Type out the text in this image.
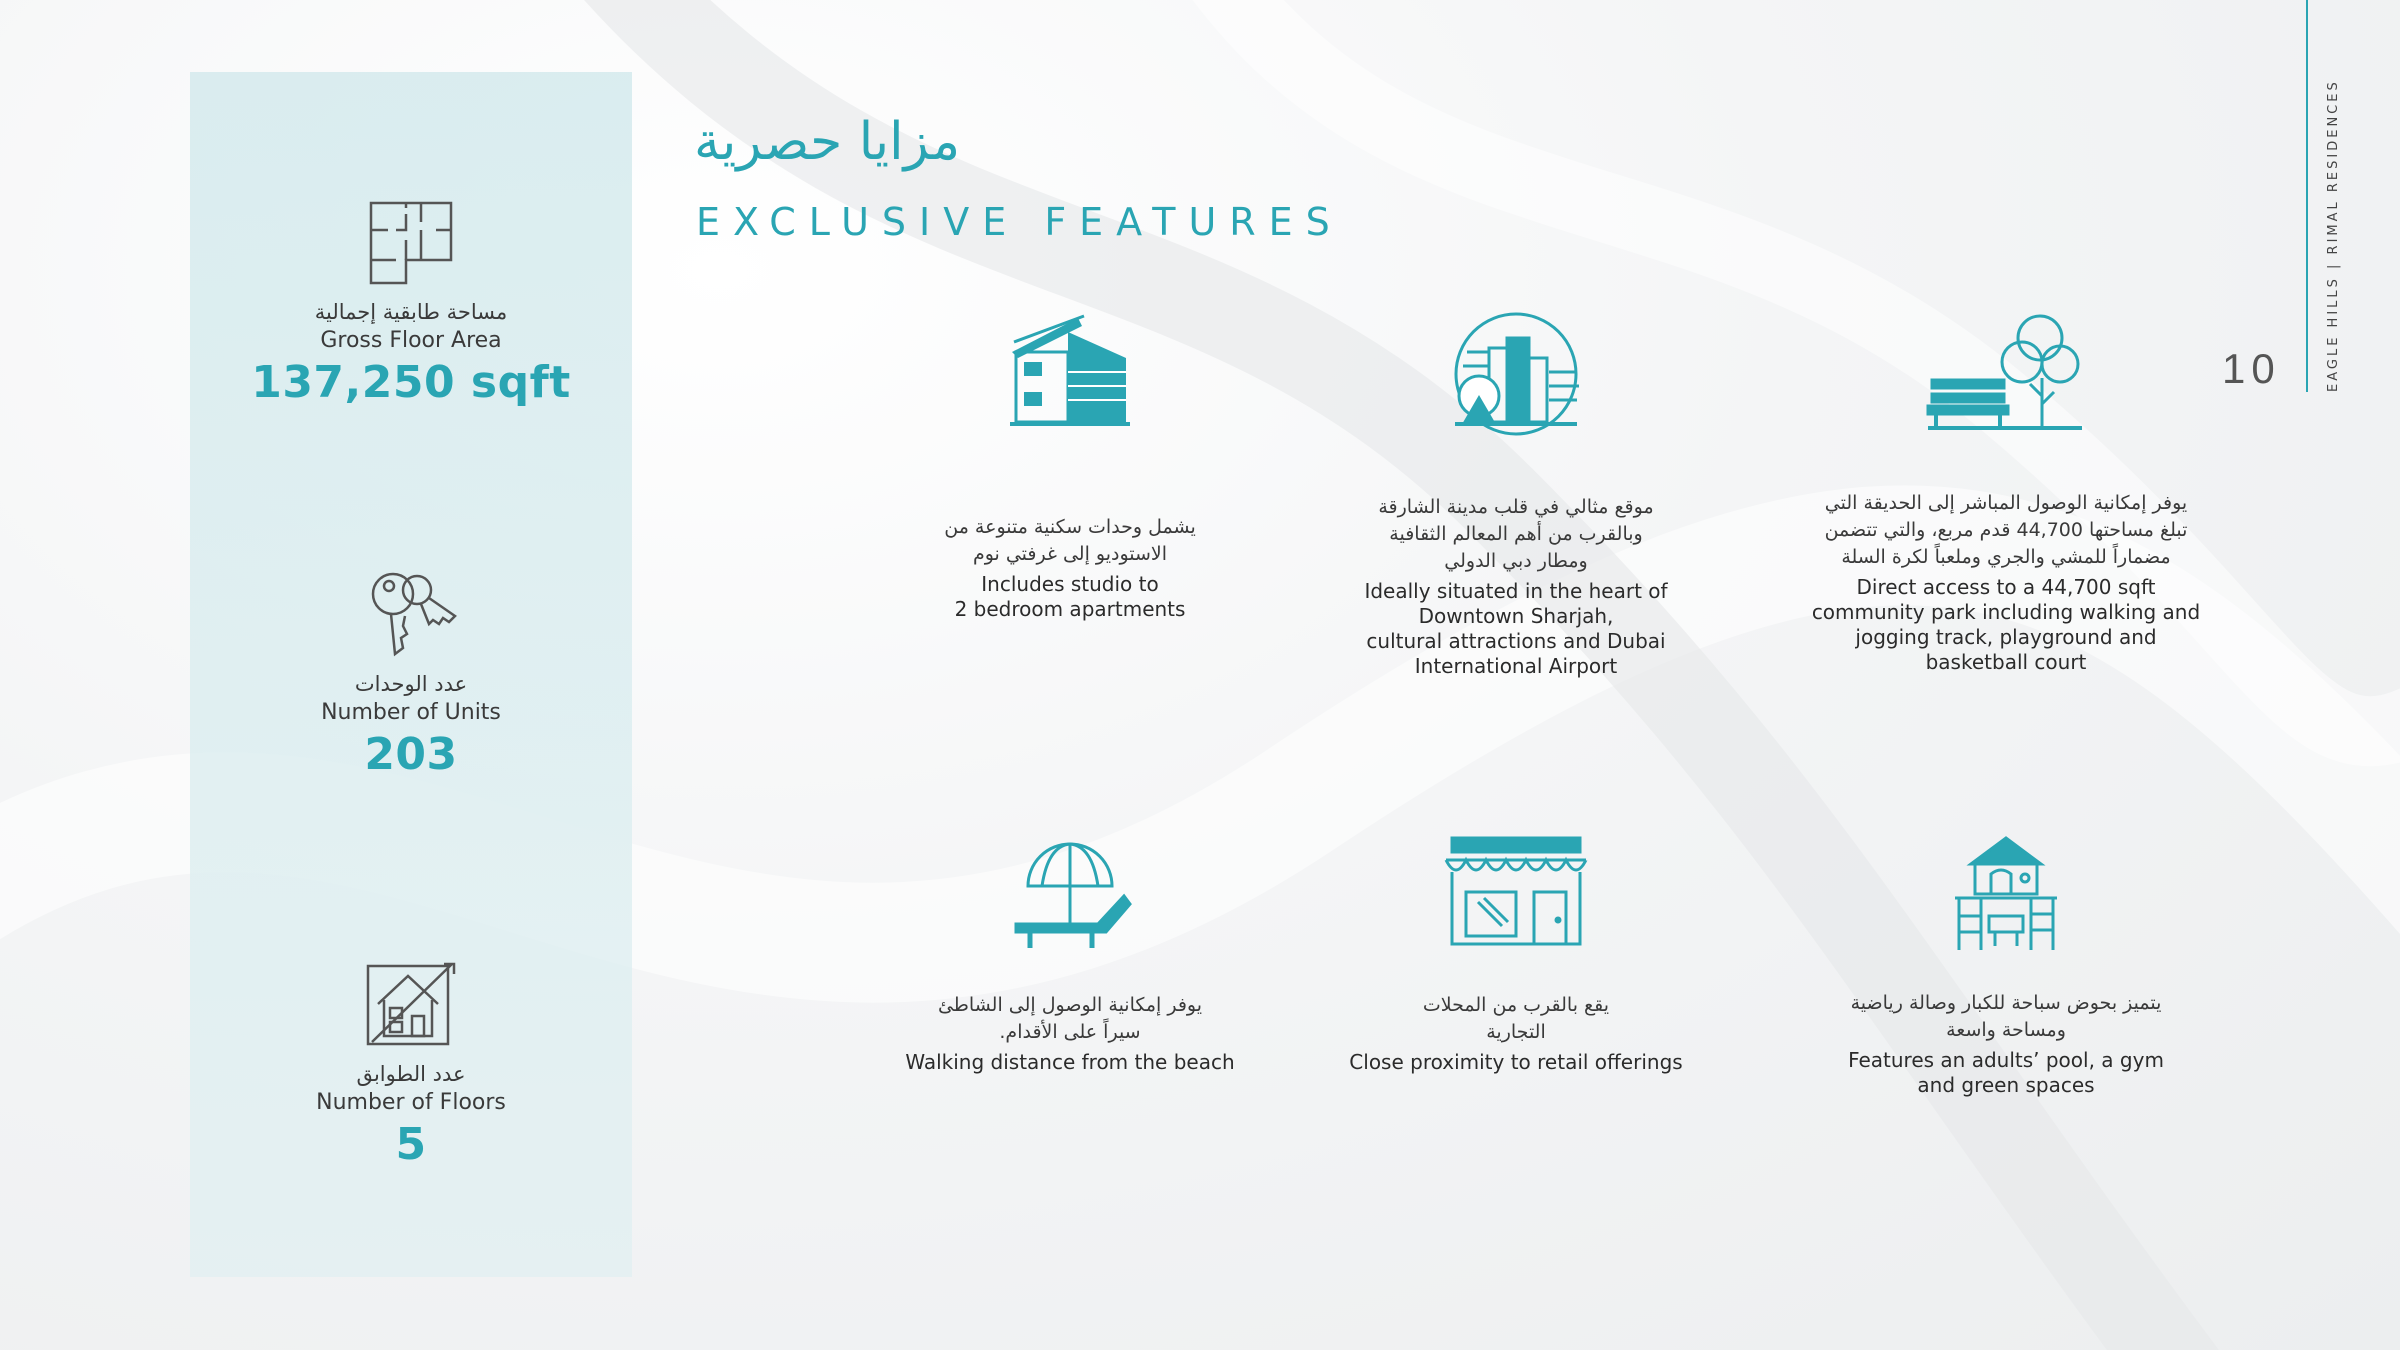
مساحة طابقية إجمالية
Gross Floor Area
137,250 sqft
عدد الوحدات
Number of Units
203
عدد الطوابق
Number of Floors
5
مزايا حصرية
EXCLUSIVE FEATURES
يشمل وحدات سكنية متنوعة من
الاستوديو إلى غرفتي نوم
Includes studio to
2 bedroom apartments
موقع مثالي في قلب مدينة الشارقة
وبالقرب من أهم المعالم الثقافية
ومطار دبي الدولي
Ideally situated in the heart of
Downtown Sharjah,
cultural attractions and Dubai
International Airport
يوفر إمكانية الوصول المباشر إلى الحديقة التي
تبلغ مساحتها 44,700 قدم مربع، والتي تتضمن
مضماراً للمشي والجري وملعباً لكرة السلة
Direct access to a 44,700 sqft
community park including walking and
jogging track, playground and
basketball court
يوفر إمكانية الوصول إلى الشاطئ
سيراً على الأقدام.
Walking distance from the beach
يقع بالقرب من المحلات
التجارية
Close proximity to retail offerings
يتميز بحوض سباحة للكبار وصالة رياضية
ومساحة واسعة
Features an adults’ pool, a gym
and green spaces
EAGLE HILLS | RIMAL RESIDENCES
10
